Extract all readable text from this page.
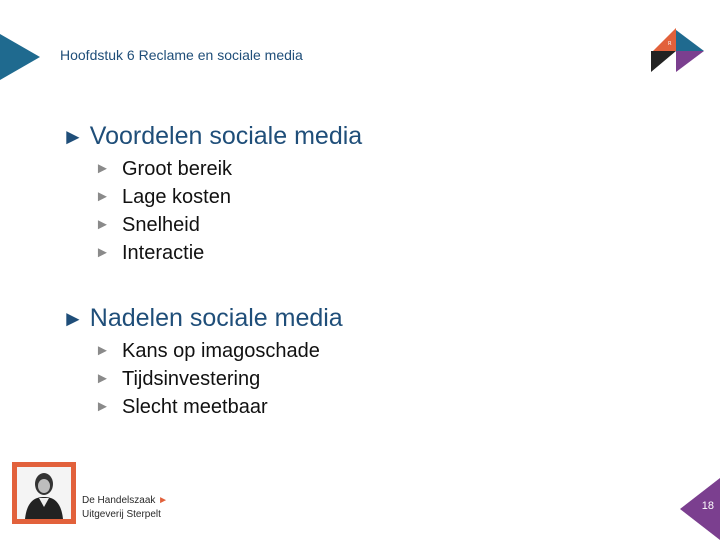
Hoofdstuk 6 Reclame en sociale media
R
s
► Voordelen sociale media
► Groot bereik
► Lage kosten
► Snelheid
► Interactie
► Nadelen sociale media
► Kans op imagoschade
► Tijdsinvestering
► Slecht meetbaar
De Handelszaak ►
Uitgeverij Sterpelt
18
